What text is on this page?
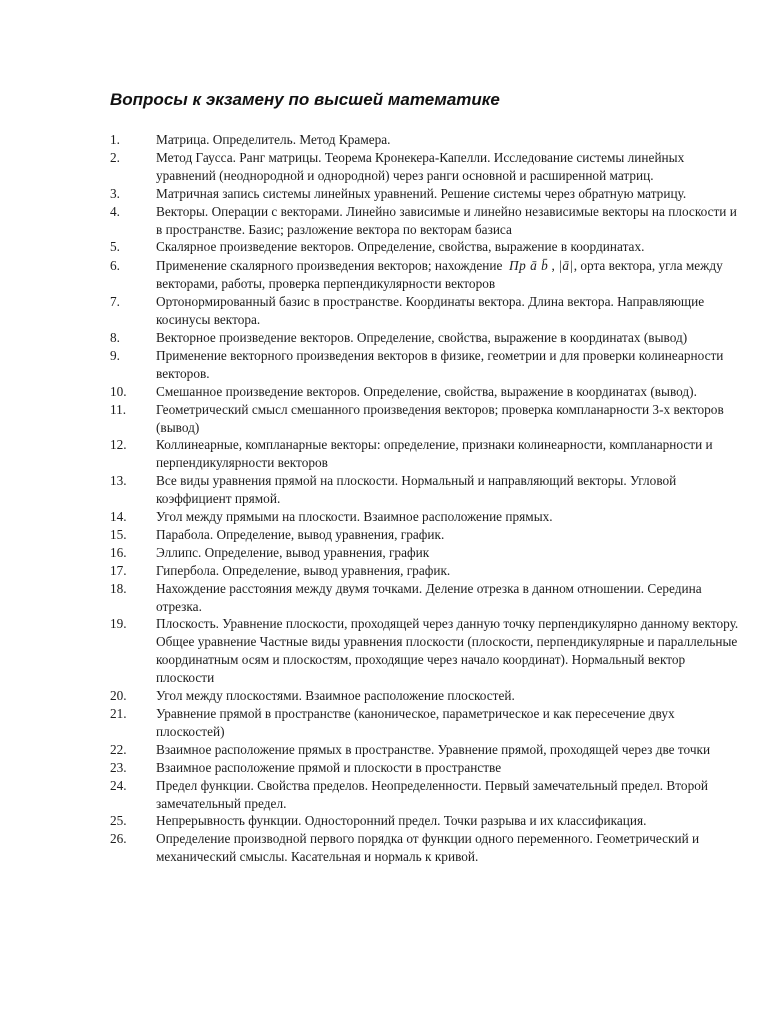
Вопросы к экзамену по высшей математике
1.	Матрица. Определитель. Метод Крамера.
2.	Метод Гаусса. Ранг матрицы. Теорема Кронекера-Капелли. Исследование системы линейных уравнений (неоднородной и однородной) через ранги основной и расширенной матриц.
3.	Матричная запись системы линейных уравнений. Решение системы через обратную матрицу.
4.	Векторы. Операции с векторами. Линейно зависимые и линейно независимые векторы на плоскости и в пространстве. Базис; разложение вектора по векторам базиса
5.	Скалярное произведение векторов. Определение, свойства, выражение в координатах.
6.	Применение скалярного произведения векторов; нахождение Пр ā b̄ , |ā|, орта вектора, угла между векторами, работы, проверка перпендикулярности векторов
7.	Ортонормированный базис в пространстве. Координаты вектора. Длина вектора. Направляющие косинусы вектора.
8.	Векторное произведение векторов. Определение, свойства, выражение в координатах (вывод)
9.	Применение векторного произведения векторов в физике, геометрии и для проверки колинеарности векторов.
10.	Смешанное произведение векторов. Определение, свойства, выражение в координатах (вывод).
11.	Геометрический смысл смешанного произведения векторов; проверка компланарности 3-х векторов (вывод)
12.	Коллинеарные, компланарные векторы: определение, признаки колинеарности, компланарности и перпендикулярности векторов
13.	Все виды уравнения прямой на плоскости. Нормальный и направляющий векторы. Угловой коэффициент прямой.
14.	Угол между прямыми на плоскости. Взаимное расположение прямых.
15.	Парабола. Определение, вывод уравнения, график.
16.	Эллипс. Определение, вывод уравнения, график
17.	Гипербола. Определение, вывод уравнения, график.
18.	Нахождение расстояния между двумя точками. Деление отрезка в данном отношении. Середина отрезка.
19.	Плоскость. Уравнение плоскости, проходящей через данную точку перпендикулярно данному вектору. Общее уравнение Частные виды уравнения плоскости (плоскости, перпендикулярные и параллельные координатным осям и плоскостям, проходящие через начало координат). Нормальный вектор плоскости
20.	Угол между плоскостями. Взаимное расположение плоскостей.
21.	Уравнение прямой в пространстве (каноническое, параметрическое и как пересечение двух плоскостей)
22.	Взаимное расположение прямых в пространстве. Уравнение прямой, проходящей через две точки
23.	Взаимное расположение прямой и плоскости в пространстве
24.	Предел функции. Свойства пределов. Неопределенности. Первый замечательный предел. Второй замечательный предел.
25.	Непрерывность функции. Односторонний предел. Точки разрыва и их классификация.
26.	Определение производной первого порядка от функции одного переменного. Геометрический и механический смыслы. Касательная и нормаль к кривой.
